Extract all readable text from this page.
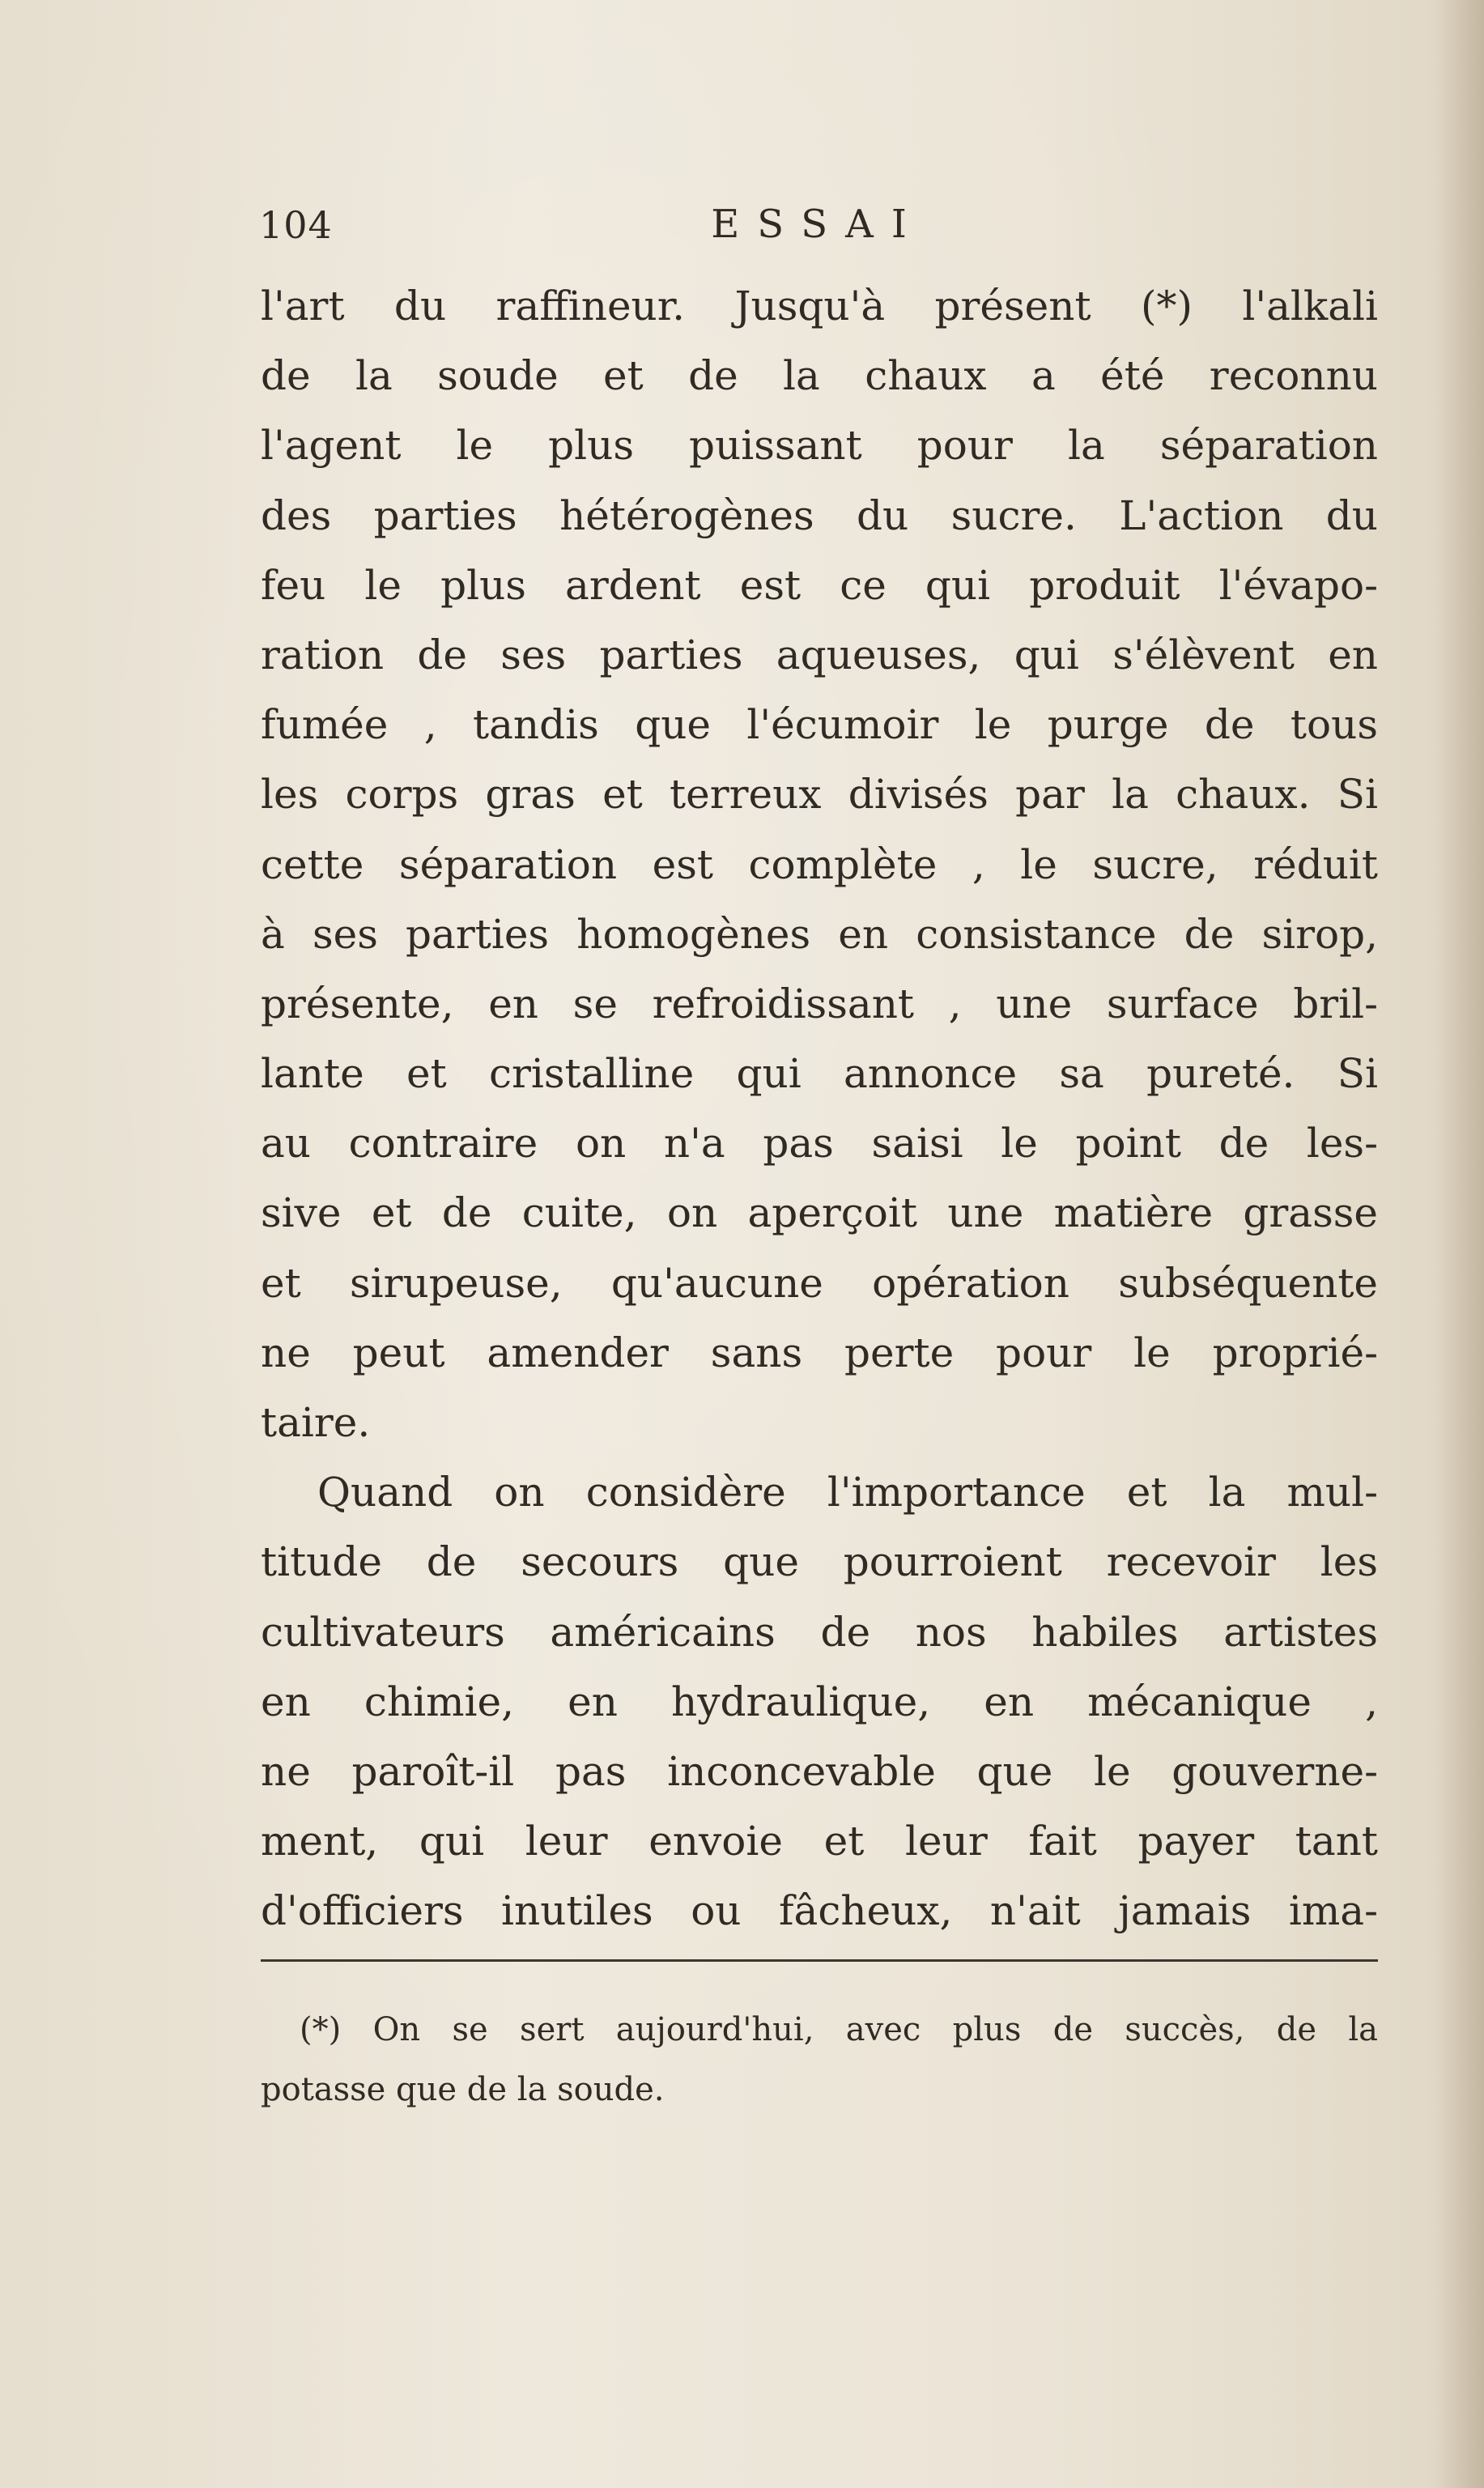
104	ESSAI
l'art du raffineur. Jusqu'à présent (*) l'alkali
de la soude et de la chaux a été reconnu
l'agent le plus puissant pour la séparation
des parties hétérogènes du sucre. L'action du
feu le plus ardent est ce qui produit l'évapo-
ration de ses parties aqueuses, qui s'élèvent en
fumée , tandis que l'écumoir le purge de tous
les corps gras et terreux divisés par la chaux. Si
cette séparation est complète , le sucre, réduit
à ses parties homogènes en consistance de sirop,
présente, en se refroidissant , une surface bril-
lante et cristalline qui annonce sa pureté. Si
au contraire on n'a pas saisi le point de les-
sive et de cuite, on aperçoit une matière grasse
et sirupeuse, qu'aucune opération subséquente
ne peut amender sans perte pour le proprié-
taire.
Quand on considère l'importance et la mul-
titude de secours que pourroient recevoir les
cultivateurs américains de nos habiles artistes
en chimie, en hydraulique, en mécanique ,
ne paroît-il pas inconcevable que le gouverne-
ment, qui leur envoie et leur fait payer tant
d'officiers inutiles ou fâcheux, n'ait jamais ima-
(*) On se sert aujourd'hui, avec plus de succès, de la
potasse que de la soude.
